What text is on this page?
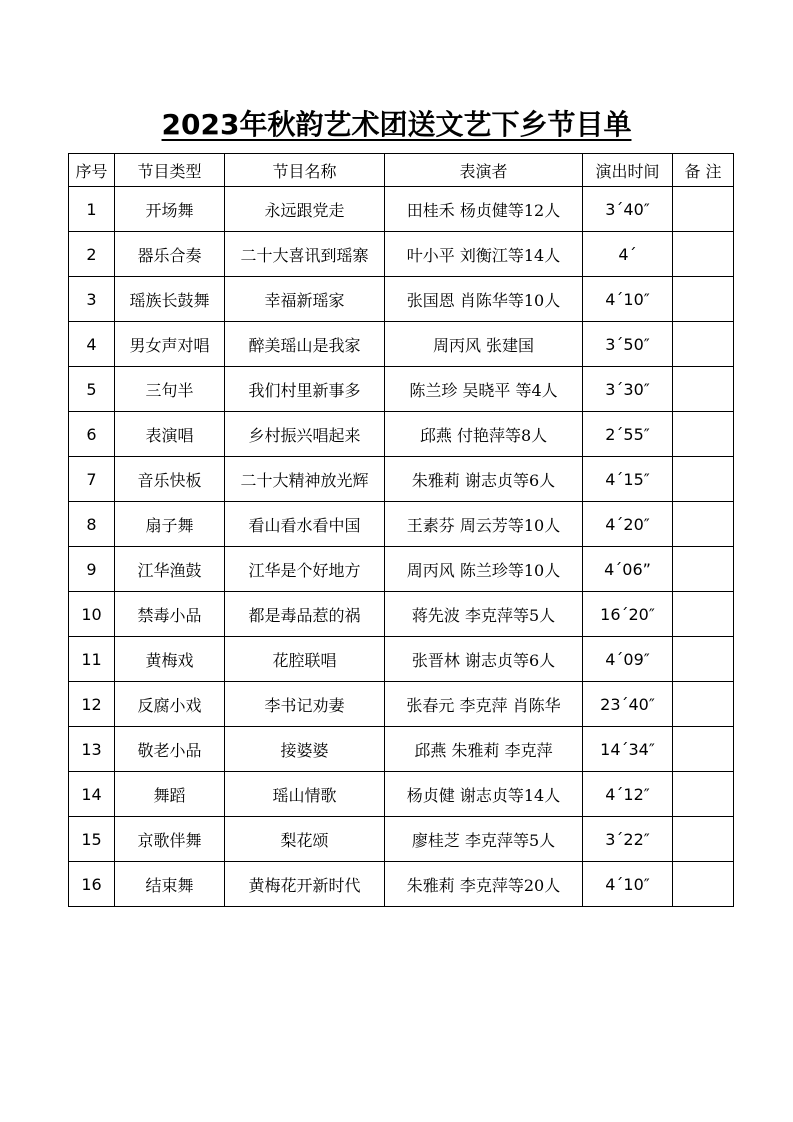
2023年秋韵艺术团送文艺下乡节目单
序号	节目类型	节目名称	表演者	演出时间	备 注
1	开场舞	永远跟党走	田桂禾 杨贞健等12人	3´40″	
2	器乐合奏	二十大喜讯到瑶寨	叶小平 刘衡江等14人	4´	
3	瑶族长鼓舞	幸福新瑶家	张国恩 肖陈华等10人	4´10″	
4	男女声对唱	醉美瑶山是我家	周丙风 张建国	3´50″	
5	三句半	我们村里新事多	陈兰珍 吴晓平 等4人	3´30″	
6	表演唱	乡村振兴唱起来	邱燕 付艳萍等8人	2´55″	
7	音乐快板	二十大精神放光辉	朱雅莉 谢志贞等6人	4´15″	
8	扇子舞	看山看水看中国	王素芬 周云芳等10人	4´20″	
9	江华渔鼓	江华是个好地方	周丙风 陈兰珍等10人	4´06”	
10	禁毒小品	都是毒品惹的祸	蒋先波 李克萍等5人	16´20″	
11	黄梅戏	花腔联唱	张晋林 谢志贞等6人	4´09″	
12	反腐小戏	李书记劝妻	张春元 李克萍 肖陈华	23´40″	
13	敬老小品	接婆婆	邱燕 朱雅莉 李克萍	14´34″	
14	舞蹈	瑶山情歌	杨贞健 谢志贞等14人	4´12″	
15	京歌伴舞	梨花颂	廖桂芝 李克萍等5人	3´22″	
16	结束舞	黄梅花开新时代	朱雅莉 李克萍等20人	4´10″	
